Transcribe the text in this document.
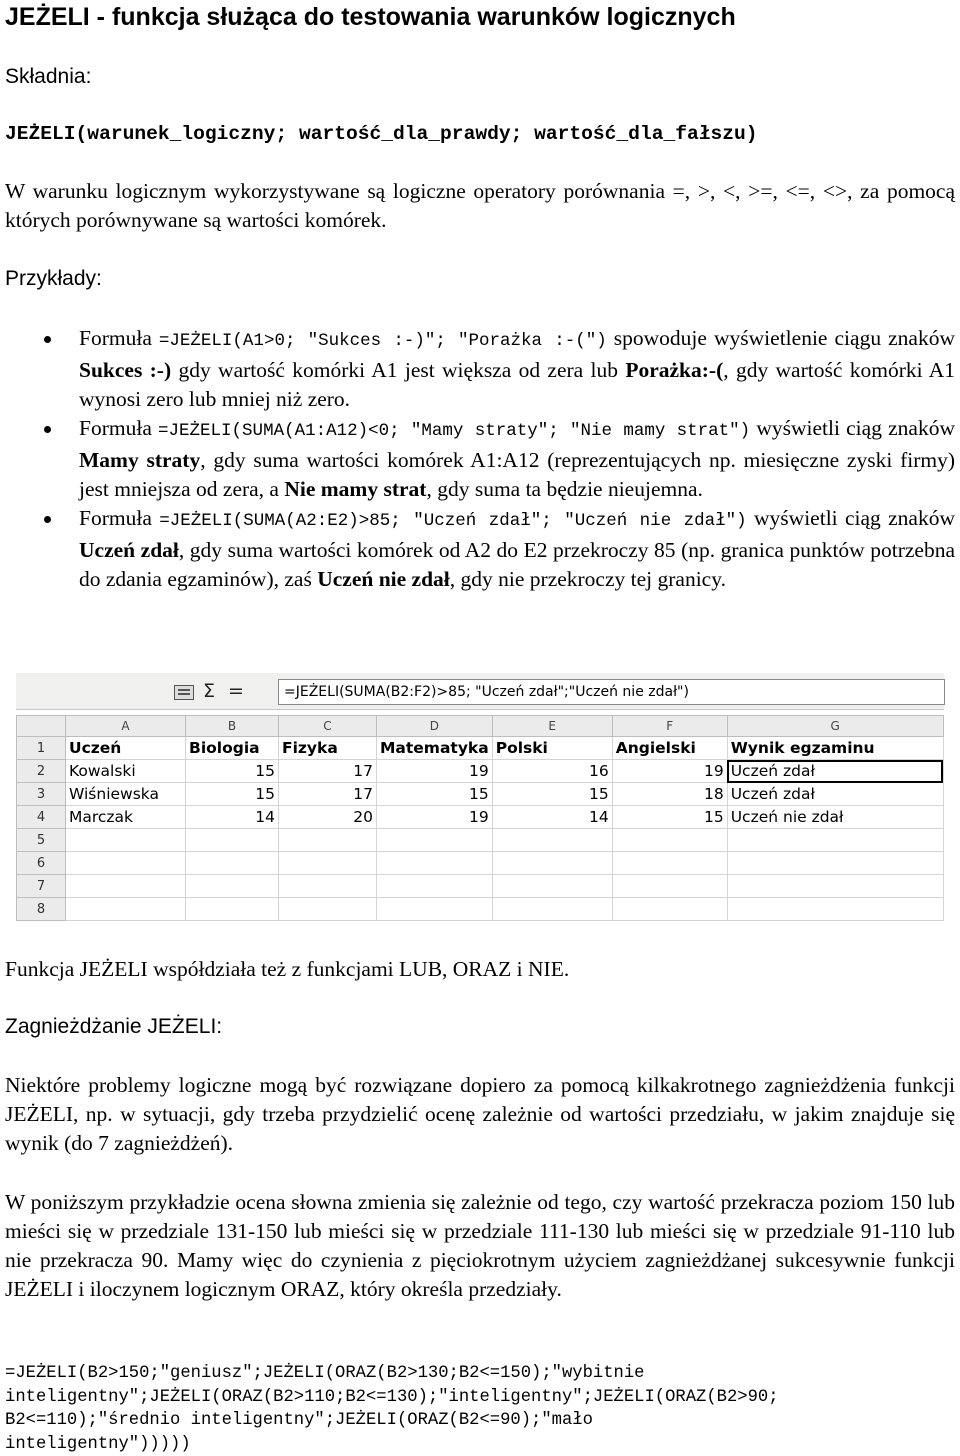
JEŻELI - funkcja służąca do testowania warunków logicznych
Składnia:
JEŻELI(warunek_logiczny; wartość_dla_prawdy; wartość_dla_fałszu)
W warunku logicznym wykorzystywane są logiczne operatory porównania =, >, <, >=, <=, <>, za pomocą których porównywane są wartości komórek.
Przykłady:
Formuła =JEŻELI(A1>0; "Sukces :-)"; "Porażka :-(") spowoduje wyświetlenie ciągu znaków Sukces :-) gdy wartość komórki A1 jest większa od zera lub Porażka:-(, gdy wartość komórki A1 wynosi zero lub mniej niż zero.
Formuła =JEŻELI(SUMA(A1:A12)<0; "Mamy straty"; "Nie mamy strat") wyświetli ciąg znaków Mamy straty, gdy suma wartości komórek A1:A12 (reprezentujących np. miesięczne zyski firmy) jest mniejsza od zera, a Nie mamy strat, gdy suma ta będzie nieujemna.
Formuła =JEŻELI(SUMA(A2:E2)>85; "Uczeń zdał"; "Uczeń nie zdał") wyświetli ciąg znaków Uczeń zdał, gdy suma wartości komórek od A2 do E2 przekroczy 85 (np. granica punktów potrzebna do zdania egzaminów), zaś Uczeń nie zdał, gdy nie przekroczy tej granicy.
Σ =	=JEŻELI(SUMA(B2:F2)>85; "Uczeń zdał";"Uczeń nie zdał")
	A	B	C	D	E	F	G
1	Uczeń	Biologia	Fizyka	Matematyka	Polski	Angielski	Wynik egzaminu
2	Kowalski	15	17	19	16	19	Uczeń zdał
3	Wiśniewska	15	17	15	15	18	Uczeń zdał
4	Marczak	14	20	19	14	15	Uczeń nie zdał
5							
6							
7							
8							
Funkcja JEŻELI współdziała też z funkcjami LUB, ORAZ i NIE.
Zagnieżdżanie JEŻELI:
Niektóre problemy logiczne mogą być rozwiązane dopiero za pomocą kilkakrotnego zagnieżdżenia funkcji JEŻELI, np. w sytuacji, gdy trzeba przydzielić ocenę zależnie od wartości przedziału, w jakim znajduje się wynik (do 7 zagnieżdżeń).
W poniższym przykładzie ocena słowna zmienia się zależnie od tego, czy wartość przekracza poziom 150 lub mieści się w przedziale 131-150 lub mieści się w przedziale 111-130 lub mieści się w przedziale 91-110 lub nie przekracza 90. Mamy więc do czynienia z pięciokrotnym użyciem zagnieżdżanej sukcesywnie funkcji JEŻELI i iloczynem logicznym ORAZ, który określa przedziały.
=JEŻELI(B2>150;"geniusz";JEŻELI(ORAZ(B2>130;B2<=150);"wybitnie
inteligentny";JEŻELI(ORAZ(B2>110;B2<=130);"inteligentny";JEŻELI(ORAZ(B2>90;
B2<=110);"średnio inteligentny";JEŻELI(ORAZ(B2<=90);"mało
inteligentny")))))
